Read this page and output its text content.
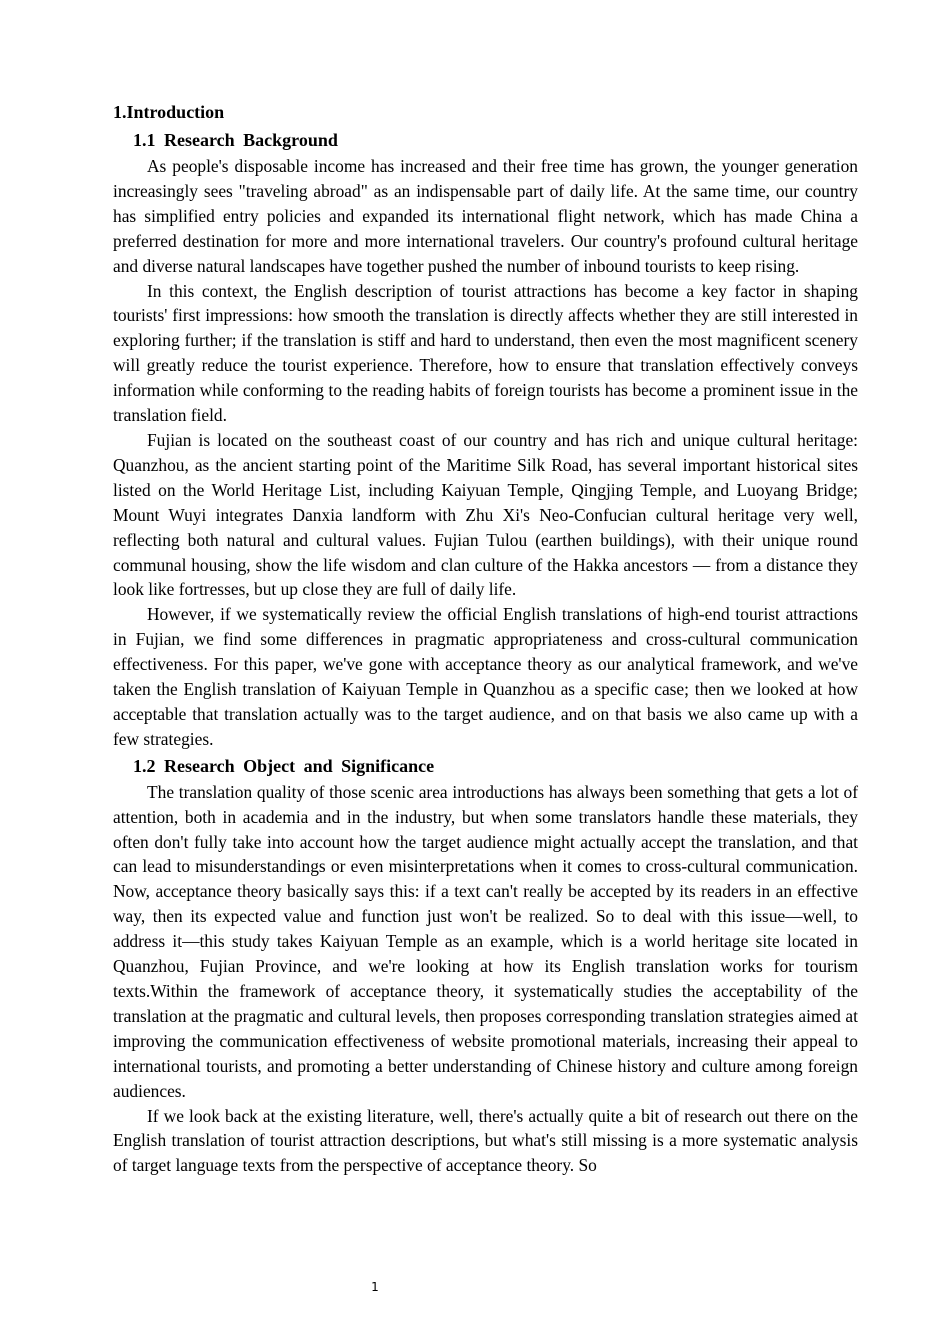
1.Introduction

1.1 Research Background

As people's disposable income has increased and their free time has grown, the younger generation increasingly sees "traveling abroad" as an indispensable part of daily life. At the same time, our country has simplified entry policies and expanded its international flight network, which has made China a preferred destination for more and more international travelers. Our country's profound cultural heritage and diverse natural landscapes have together pushed the number of inbound tourists to keep rising.

In this context, the English description of tourist attractions has become a key factor in shaping tourists' first impressions: how smooth the translation is directly affects whether they are still interested in exploring further; if the translation is stiff and hard to understand, then even the most magnificent scenery will greatly reduce the tourist experience. Therefore, how to ensure that translation effectively conveys information while conforming to the reading habits of foreign tourists has become a prominent issue in the translation field.

Fujian is located on the southeast coast of our country and has rich and unique cultural heritage: Quanzhou, as the ancient starting point of the Maritime Silk Road, has several important historical sites listed on the World Heritage List, including Kaiyuan Temple, Qingjing Temple, and Luoyang Bridge; Mount Wuyi integrates Danxia landform with Zhu Xi's Neo-Confucian cultural heritage very well, reflecting both natural and cultural values. Fujian Tulou (earthen buildings), with their unique round communal housing, show the life wisdom and clan culture of the Hakka ancestors — from a distance they look like fortresses, but up close they are full of daily life.

However, if we systematically review the official English translations of high-end tourist attractions in Fujian, we find some differences in pragmatic appropriateness and cross-cultural communication effectiveness. For this paper, we've gone with acceptance theory as our analytical framework, and we've taken the English translation of Kaiyuan Temple in Quanzhou as a specific case; then we looked at how acceptable that translation actually was to the target audience, and on that basis we also came up with a few strategies.

1.2 Research Object and Significance

The translation quality of those scenic area introductions has always been something that gets a lot of attention, both in academia and in the industry, but when some translators handle these materials, they often don't fully take into account how the target audience might actually accept the translation, and that can lead to misunderstandings or even misinterpretations when it comes to cross-cultural communication. Now, acceptance theory basically says this: if a text can't really be accepted by its readers in an effective way, then its expected value and function just won't be realized. So to deal with this issue—well, to address it—this study takes Kaiyuan Temple as an example, which is a world heritage site located in Quanzhou, Fujian Province, and we're looking at how its English translation works for tourism texts.Within the framework of acceptance theory, it systematically studies the acceptability of the translation at the pragmatic and cultural levels, then proposes corresponding translation strategies aimed at improving the communication effectiveness of website promotional materials, increasing their appeal to international tourists, and promoting a better understanding of Chinese history and culture among foreign audiences.

If we look back at the existing literature, well, there's actually quite a bit of research out there on the English translation of tourist attraction descriptions, but what's still missing is a more systematic analysis of target language texts from the perspective of acceptance theory. So

1
